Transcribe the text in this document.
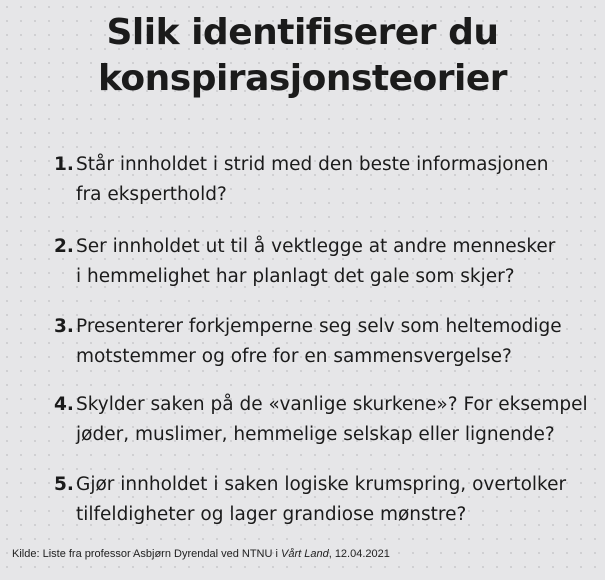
Slik identifiserer du
konspirasjonsteorier
1. Står innholdet i strid med den beste informasjonen
fra eksperthold?
2. Ser innholdet ut til å vektlegge at andre mennesker
i hemmelighet har planlagt det gale som skjer?
3. Presenterer forkjemperne seg selv som heltemodige
motstemmer og ofre for en sammensvergelse?
4. Skylder saken på de «vanlige skurkene»? For eksempel
jøder, muslimer, hemmelige selskap eller lignende?
5. Gjør innholdet i saken logiske krumspring, overtolker
tilfeldigheter og lager grandiose mønstre?
Kilde: Liste fra professor Asbjørn Dyrendal ved NTNU i Vårt Land, 12.04.2021
